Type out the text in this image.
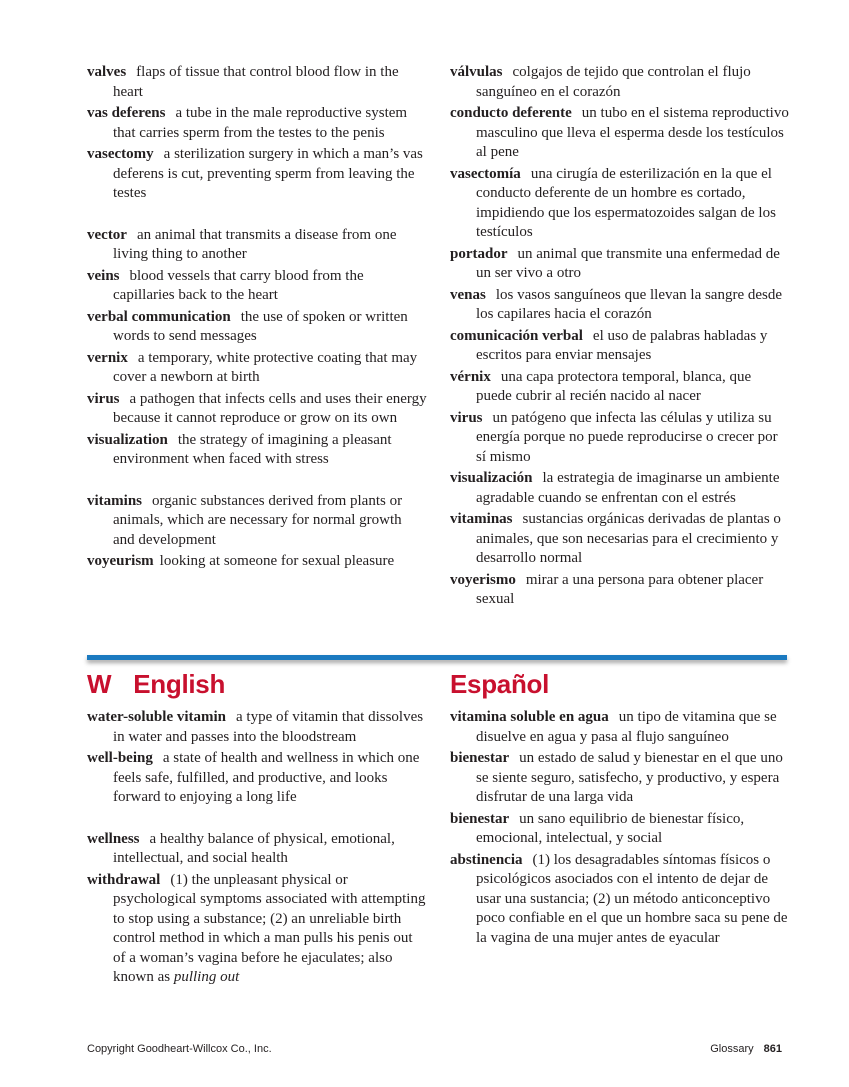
valves flaps of tissue that control blood flow in the heart

vas deferens a tube in the male reproductive system that carries sperm from the testes to the penis

vasectomy a sterilization surgery in which a man’s vas deferens is cut, preventing sperm from leaving the testes

vector an animal that transmits a disease from one living thing to another

veins blood vessels that carry blood from the capillaries back to the heart

verbal communication the use of spoken or written words to send messages

vernix a temporary, white protective coating that may cover a newborn at birth

virus a pathogen that infects cells and uses their energy because it cannot reproduce or grow on its own

visualization the strategy of imagining a pleasant environment when faced with stress

vitamins organic substances derived from plants or animals, which are necessary for normal growth and development

voyeurism looking at someone for sexual pleasure

válvulas colgajos de tejido que controlan el flujo sanguíneo en el corazón

conducto deferente un tubo en el sistema reproductivo masculino que lleva el esperma desde los testículos al pene

vasectomía una cirugía de esterilización en la que el conducto deferente de un hombre es cortado, impidiendo que los espermatozoides salgan de los testículos

portador un animal que transmite una enfermedad de un ser vivo a otro

venas los vasos sanguíneos que llevan la sangre desde los capilares hacia el corazón

comunicación verbal el uso de palabras habladas y escritos para enviar mensajes

vérnix una capa protectora temporal, blanca, que puede cubrir al recién nacido al nacer

virus un patógeno que infecta las células y utiliza su energía porque no puede reproducirse o crecer por sí mismo

visualización la estrategia de imaginarse un ambiente agradable cuando se enfrentan con el estrés

vitaminas sustancias orgánicas derivadas de plantas o animales, que son necesarias para el crecimiento y desarrollo normal

voyerismo mirar a una persona para obtener placer sexual

W English	Español

water-soluble vitamin a type of vitamin that dissolves in water and passes into the bloodstream

well-being a state of health and wellness in which one feels safe, fulfilled, and productive, and looks forward to enjoying a long life

wellness a healthy balance of physical, emotional, intellectual, and social health

withdrawal (1) the unpleasant physical or psychological symptoms associated with attempting to stop using a substance; (2) an unreliable birth control method in which a man pulls his penis out of a woman’s vagina before he ejaculates; also known as pulling out

vitamina soluble en agua un tipo de vitamina que se disuelve en agua y pasa al flujo sanguíneo

bienestar un estado de salud y bienestar en el que uno se siente seguro, satisfecho, y productivo, y espera disfrutar de una larga vida

bienestar un sano equilibrio de bienestar físico, emocional, intelectual, y social

abstinencia (1) los desagradables síntomas físicos o psicológicos asociados con el intento de dejar de usar una sustancia; (2) un método anticonceptivo poco confiable en el que un hombre saca su pene de la vagina de una mujer antes de eyacular

Copyright Goodheart-Willcox Co., Inc.	Glossary 861
